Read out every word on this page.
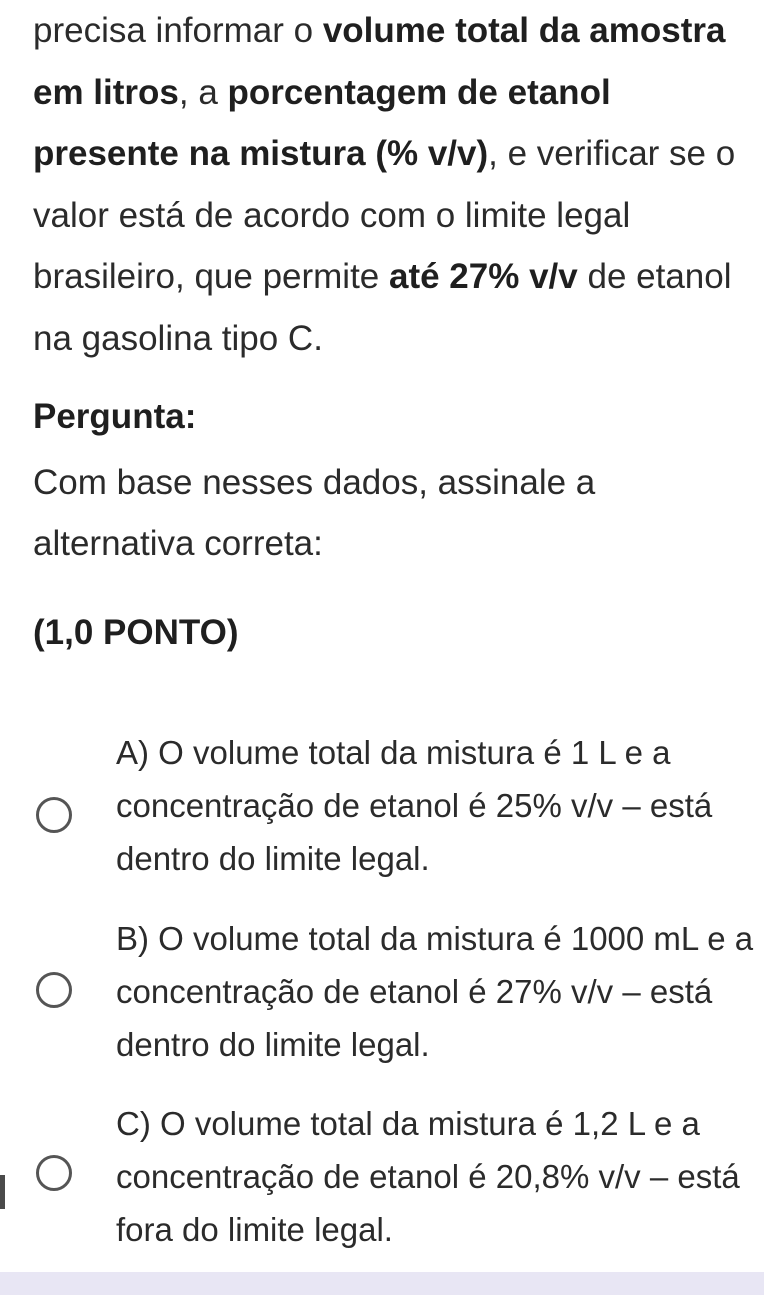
precisa informar o volume total da amostra em litros, a porcentagem de etanol presente na mistura (% v/v), e verificar se o valor está de acordo com o limite legal brasileiro, que permite até 27% v/v de etanol na gasolina tipo C.

Pergunta:

Com base nesses dados, assinale a alternativa correta:

(1,0 PONTO)

A) O volume total da mistura é 1 L e a concentração de etanol é 25% v/v – está dentro do limite legal.

B) O volume total da mistura é 1000 mL e a concentração de etanol é 27% v/v – está dentro do limite legal.

C) O volume total da mistura é 1,2 L e a concentração de etanol é 20,8% v/v – está fora do limite legal.
